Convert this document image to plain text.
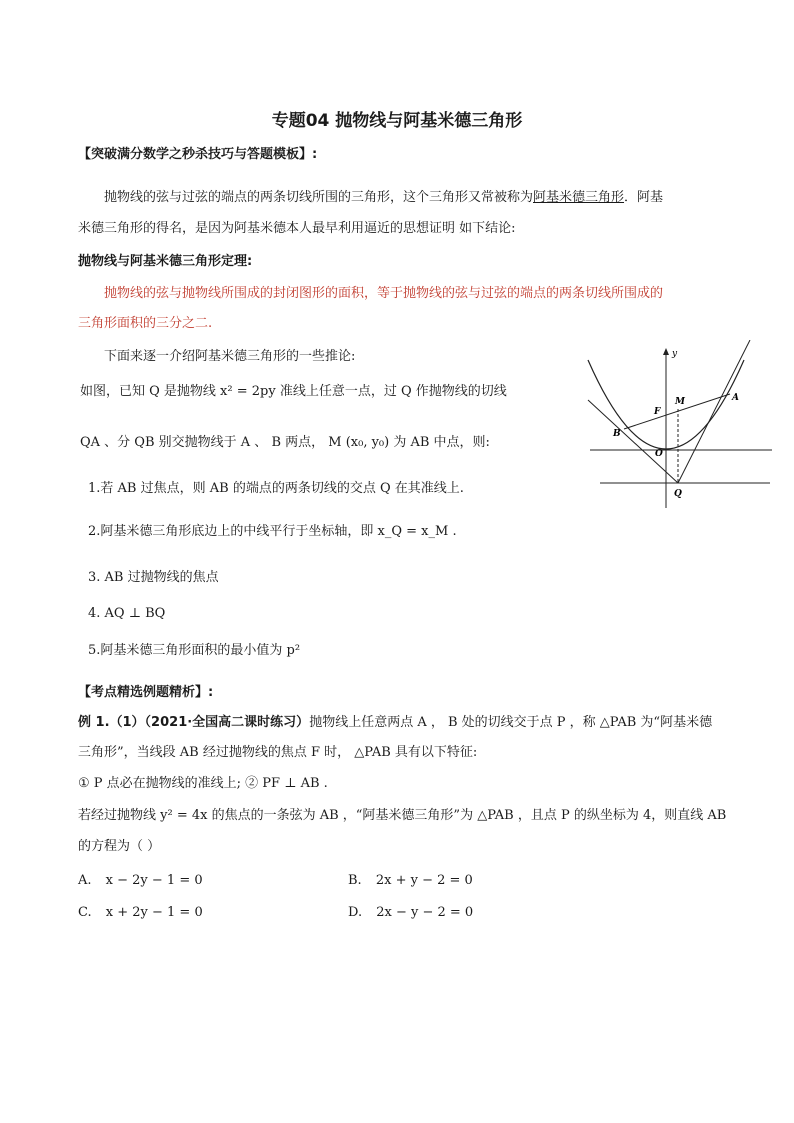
专题04 抛物线与阿基米德三角形
【突破满分数学之秒杀技巧与答题模板】:
抛物线的弦与过弦的端点的两条切线所围的三角形，这个三角形又常被称为阿基米德三角形．阿基
米德三角形的得名，是因为阿基米德本人最早利用逼近的思想证明 如下结论:
抛物线与阿基米德三角形定理:
抛物线的弦与抛物线所围成的封闭图形的面积，等于抛物线的弦与过弦的端点的两条切线所围成的
三角形面积的三分之二.
下面来逐一介绍阿基米德三角形的一些推论:
如图，已知 Q 是抛物线 x² = 2py 准线上任意一点，过 Q 作抛物线的切线
QA 、分 QB 别交抛物线于 A 、 B 两点， M (x₀, y₀) 为 AB 中点，则:
1.若 AB 过焦点，则 AB 的端点的两条切线的交点 Q 在其准线上.
2.阿基米德三角形底边上的中线平行于坐标轴，即 x_Q = x_M .
3. AB 过抛物线的焦点
4. AQ ⊥ BQ
5.阿基米德三角形面积的最小值为 p²
y
A
B
M
F
O
Q
【考点精选例题精析】:
例 1.（1）（2021·全国高二课时练习）抛物线上任意两点 A ， B 处的切线交于点 P ，称 △PAB 为“阿基米德
三角形”，当线段 AB 经过抛物线的焦点 F 时， △PAB 具有以下特征:
① P 点必在抛物线的准线上; ② PF ⊥ AB .
若经过抛物线 y² = 4x 的焦点的一条弦为 AB ，“阿基米德三角形”为 △PAB ，且点 P 的纵坐标为 4，则直线 AB
的方程为（ ）
A. x − 2y − 1 = 0	B. 2x + y − 2 = 0
C. x + 2y − 1 = 0	D. 2x − y − 2 = 0
